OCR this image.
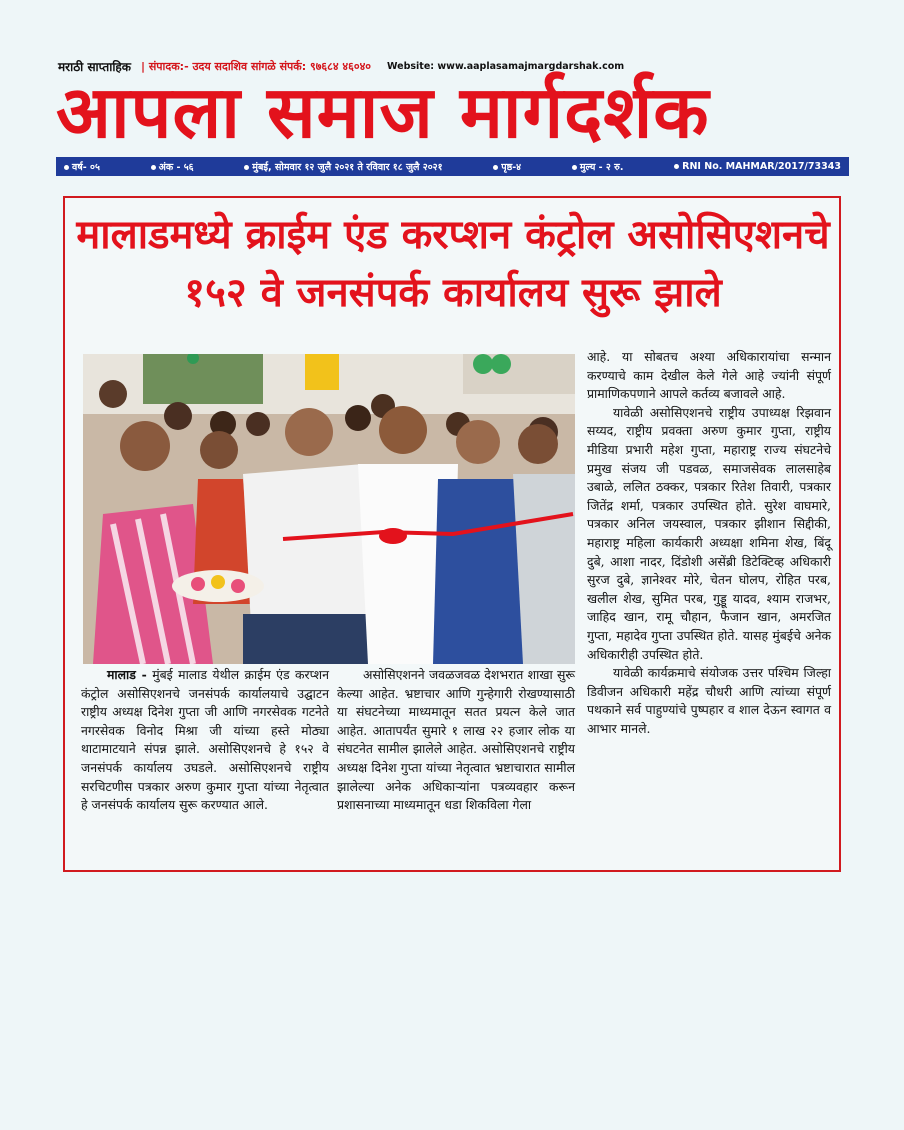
मराठी साप्ताहिक | संपादक:- उदय सदाशिव सांगळे संपर्क: ९७६८४ ४६०४० Website: www.aaplasamajmargdarshak.com
आपला समाज मार्गदर्शक
वर्ष- ०५	अंक - ५६	मुंबई, सोमवार १२ जुलै २०२१ ते रविवार १८ जुलै २०२१	पृष्ठ-४	मुल्य - २ रु.	RNI No. MAHMAR/2017/73343
मालाडमध्ये क्राईम एंड करप्शन कंट्रोल असोसिएशनचे १५२ वे जनसंपर्क कार्यालय सुरू झाले
मालाड - मुंबई मालाड येथील क्राईम एंड करप्शन कंट्रोल असोसिएशनचे जनसंपर्क कार्यालयाचे उद्घाटन राष्ट्रीय अध्यक्ष दिनेश गुप्ता जी आणि नगरसेवक गटनेते नगरसेवक विनोद मिश्रा जी यांच्या हस्ते मोठ्या थाटामाटयाने संपन्न झाले. असोसिएशनचे हे १५२ वे जनसंपर्क कार्यालय उघडले. असोसिएशनचे राष्ट्रीय सरचिटणीस पत्रकार अरुण कुमार गुप्ता यांच्या नेतृत्वात हे जनसंपर्क कार्यालय सुरू करण्यात आले.
असोसिएशनने जवळजवळ देशभरात शाखा सुरू केल्या आहेत. भ्रष्टाचार आणि गुन्हेगारी रोखण्यासाठी या संघटनेच्या माध्यमातून सतत प्रयत्न केले जात आहेत. आतापर्यंत सुमारे १ लाख २२ हजार लोक या संघटनेत सामील झालेले आहेत. असोसिएशनचे राष्ट्रीय अध्यक्ष दिनेश गुप्ता यांच्या नेतृत्वात भ्रष्टाचारात सामील झालेल्या अनेक अधिकाऱ्यांना पत्रव्यवहार करून प्रशासनाच्या माध्यमातून धडा शिकविला गेला
आहे. या सोबतच अश्या अधिकारायांचा सन्मान करण्याचे काम देखील केले गेले आहे ज्यांनी संपूर्ण प्रामाणिकपणाने आपले कर्तव्य बजावले आहे.
यावेळी असोसिएशनचे राष्ट्रीय उपाध्यक्ष रिझवान सय्यद, राष्ट्रीय प्रवक्ता अरुण कुमार गुप्ता, राष्ट्रीय मीडिया प्रभारी महेश गुप्ता, महाराष्ट्र राज्य संघटनेचे प्रमुख संजय जी पडवळ, समाजसेवक लालसाहेब उबाळे, ललित ठक्कर, पत्रकार रितेश तिवारी, पत्रकार जितेंद्र शर्मा, पत्रकार उपस्थित होते. सुरेश वाघमारे, पत्रकार अनिल जयस्वाल, पत्रकार झीशान सिद्दीकी, महाराष्ट्र महिला कार्यकारी अध्यक्षा शमिना शेख, बिंदू दुबे, आशा नादर, दिंडोशी असेंब्री डिटेक्टिव्ह अधिकारी सुरज दुबे, ज्ञानेश्वर मोरे, चेतन घोलप, रोहित परब, खलील शेख, सुमित परब, गुड्डू यादव, श्याम राजभर, जाहिद खान, रामू चौहान, फैजान खान, अमरजित गुप्ता, महादेव गुप्ता उपस्थित होते. यासह मुंबईचे अनेक अधिकारीही उपस्थित होते.
यावेळी कार्यक्रमाचे संयोजक उत्तर पश्चिम जिल्हा डिवीजन अधिकारी महेंद्र चौधरी आणि त्यांच्या संपूर्ण पथकाने सर्व पाहुण्यांचे पुष्पहार व शाल देऊन स्वागत व आभार मानले.
